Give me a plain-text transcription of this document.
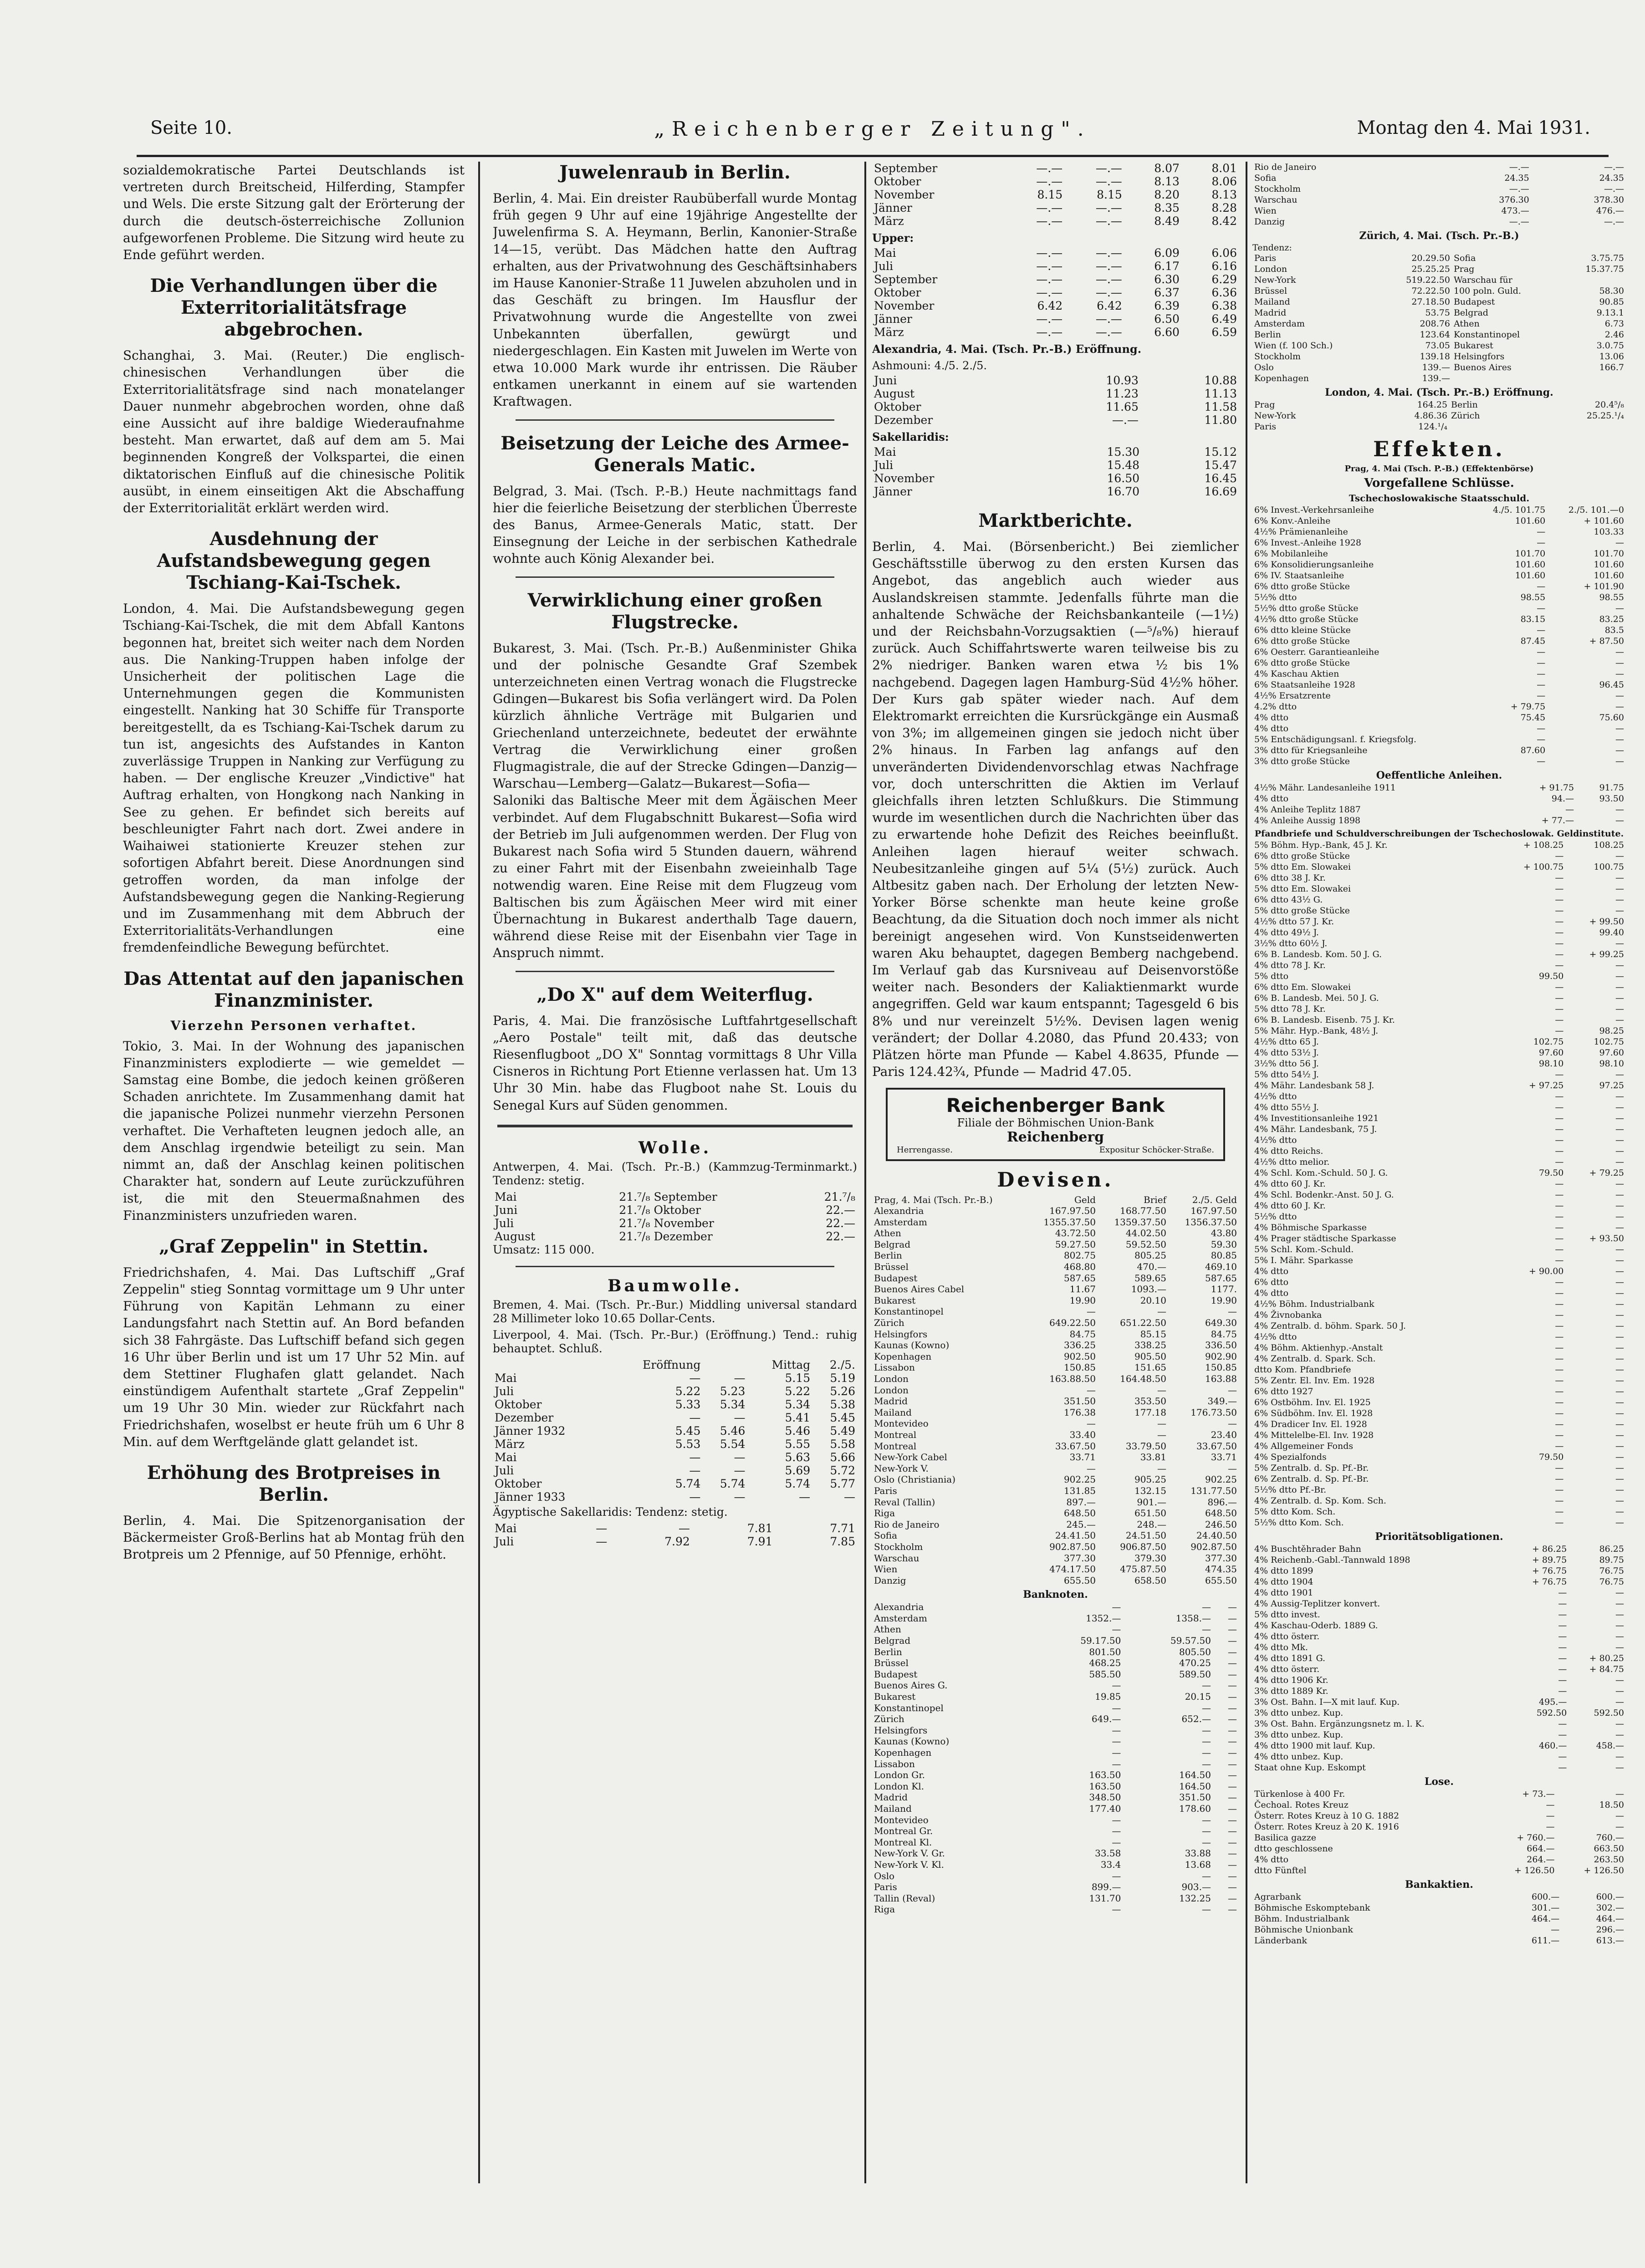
Seite 10.	„Reichenberger Zeitung".	Montag den 4. Mai 1931.

sozialdemokratische Partei Deutschlands ist vertreten durch Breitscheid, Hilferding, Stampfer und Wels. Die erste Sitzung galt der Erörterung der durch die deutsch-österreichische Zollunion aufgeworfenen Probleme. Die Sitzung wird heute zu Ende geführt werden.

Die Verhandlungen über die Exterritorialitätsfrage abgebrochen.

Schanghai, 3. Mai. (Reuter.) Die englisch-chinesischen Verhandlungen über die Exterritorialitätsfrage sind nach monatelanger Dauer nunmehr abgebrochen worden, ohne daß eine Aussicht auf ihre baldige Wiederaufnahme besteht. Man erwartet, daß auf dem am 5. Mai beginnenden Kongreß der Volkspartei, die einen diktatorischen Einfluß auf die chinesische Politik ausübt, in einem einseitigen Akt die Abschaffung der Exterritorialität erklärt werden wird.

Ausdehnung der Aufstandsbewegung gegen Tschiang-Kai-Tschek.

London, 4. Mai. Die Aufstandsbewegung gegen Tschiang-Kai-Tschek, die mit dem Abfall Kantons begonnen hat, breitet sich weiter nach dem Norden aus. Die Nanking-Truppen haben infolge der Unsicherheit der politischen Lage die Unternehmungen gegen die Kommunisten eingestellt. Nanking hat 30 Schiffe für Transporte bereitgestellt, da es Tschiang-Kai-Tschek darum zu tun ist, angesichts des Aufstandes in Kanton zuverlässige Truppen in Nanking zur Verfügung zu haben. — Der englische Kreuzer „Vindictive" hat Auftrag erhalten, von Hongkong nach Nanking in See zu gehen. Er befindet sich bereits auf beschleunigter Fahrt nach dort. Zwei andere in Waihaiwei stationierte Kreuzer stehen zur sofortigen Abfahrt bereit. Diese Anordnungen sind getroffen worden, da man infolge der Aufstandsbewegung gegen die Nanking-Regierung und im Zusammenhang mit dem Abbruch der Exterritorialitäts-Verhandlungen eine fremdenfeindliche Bewegung befürchtet.

Das Attentat auf den japanischen Finanzminister.
Vierzehn Personen verhaftet.

Tokio, 3. Mai. In der Wohnung des japanischen Finanzministers explodierte — wie gemeldet — Samstag eine Bombe, die jedoch keinen größeren Schaden anrichtete. Im Zusammenhang damit hat die japanische Polizei nunmehr vierzehn Personen verhaftet. Die Verhafteten leugnen jedoch alle, an dem Anschlag irgendwie beteiligt zu sein. Man nimmt an, daß der Anschlag keinen politischen Charakter hat, sondern auf Leute zurückzuführen ist, die mit den Steuermaßnahmen des Finanzministers unzufrieden waren.

„Graf Zeppelin" in Stettin.

Friedrichshafen, 4. Mai. Das Luftschiff „Graf Zeppelin" stieg Sonntag vormittage um 9 Uhr unter Führung von Kapitän Lehmann zu einer Landungsfahrt nach Stettin auf. An Bord befanden sich 38 Fahrgäste. Das Luftschiff befand sich gegen 16 Uhr über Berlin und ist um 17 Uhr 52 Min. auf dem Stettiner Flughafen glatt gelandet. Nach einstündigem Aufenthalt startete „Graf Zeppelin" um 19 Uhr 30 Min. wieder zur Rückfahrt nach Friedrichshafen, woselbst er heute früh um 6 Uhr 8 Min. auf dem Werftgelände glatt gelandet ist.

Erhöhung des Brotpreises in Berlin.

Berlin, 4. Mai. Die Spitzenorganisation der Bäckermeister Groß-Berlins hat ab Montag früh den Brotpreis um 2 Pfennige, auf 50 Pfennige, erhöht.

Juwelenraub in Berlin.

Berlin, 4. Mai. Ein dreister Raubüberfall wurde Montag früh gegen 9 Uhr auf eine 19jährige Angestellte der Juwelenfirma S. A. Heymann, Berlin, Kanonier-Straße 14—15, verübt. Das Mädchen hatte den Auftrag erhalten, aus der Privatwohnung des Geschäftsinhabers im Hause Kanonier-Straße 11 Juwelen abzuholen und in das Geschäft zu bringen. Im Hausflur der Privatwohnung wurde die Angestellte von zwei Unbekannten überfallen, gewürgt und niedergeschlagen. Ein Kasten mit Juwelen im Werte von etwa 10.000 Mark wurde ihr entrissen. Die Räuber entkamen unerkannt in einem auf sie wartenden Kraftwagen.

Beisetzung der Leiche des Armee-Generals Matic.

Belgrad, 3. Mai. (Tsch. P.-B.) Heute nachmittags fand hier die feierliche Beisetzung der sterblichen Überreste des Banus, Armee-Generals Matic, statt. Der Einsegnung der Leiche in der serbischen Kathedrale wohnte auch König Alexander bei.

Verwirklichung einer großen Flugstrecke.

Bukarest, 3. Mai. (Tsch. Pr.-B.) Außenminister Ghika und der polnische Gesandte Graf Szembek unterzeichneten einen Vertrag wonach die Flugstrecke Gdingen—Bukarest bis Sofia verlängert wird. Da Polen kürzlich ähnliche Verträge mit Bulgarien und Griechenland unterzeichnete, bedeutet der erwähnte Vertrag die Verwirklichung einer großen Flugmagistrale, die auf der Strecke Gdingen—Danzig—Warschau—Lemberg—Galatz—Bukarest—Sofia—Saloniki das Baltische Meer mit dem Ägäischen Meer verbindet. Auf dem Flugabschnitt Bukarest—Sofia wird der Betrieb im Juli aufgenommen werden. Der Flug von Bukarest nach Sofia wird 5 Stunden dauern, während zu einer Fahrt mit der Eisenbahn zweieinhalb Tage notwendig waren. Eine Reise mit dem Flugzeug vom Baltischen bis zum Ägäischen Meer wird mit einer Übernachtung in Bukarest anderthalb Tage dauern, während diese Reise mit der Eisenbahn vier Tage in Anspruch nimmt.

„Do X" auf dem Weiterflug.

Paris, 4. Mai. Die französische Luftfahrtgesellschaft „Aero Postale" teilt mit, daß das deutsche Riesenflugboot „DO X" Sonntag vormittags 8 Uhr Villa Cisneros in Richtung Port Etienne verlassen hat. Um 13 Uhr 30 Min. habe das Flugboot nahe St. Louis du Senegal Kurs auf Süden genommen.

Wolle.

Antwerpen, 4. Mai. (Tsch. Pr.-B.) (Kammzug-Terminmarkt.) Tendenz: stetig.

Mai	21.⁷/₈	September	21.⁷/₈
Juni	21.⁷/₈	Oktober	22.—
Juli	21.⁷/₈	November	22.—
August	21.⁷/₈	Dezember	22.—

Umsatz: 115 000.

Baumwolle.

Bremen, 4. Mai. (Tsch. Pr.-Bur.) Middling universal standard 28 Millimeter loko 10.65 Dollar-Cents.

Liverpool, 4. Mai. (Tsch. Pr.-Bur.) (Eröffnung.) Tend.: ruhig behauptet. Schluß.

	Eröffnung		Mittag	2./5.
Mai	—	—	5.15	5.19
Juli	5.22	5.23	5.22	5.26
Oktober	5.33	5.34	5.34	5.38
Dezember	—	—	5.41	5.45
Jänner 1932	5.45	5.46	5.46	5.49
März	5.53	5.54	5.55	5.58
Mai	—	—	5.63	5.66
Juli	—	—	5.69	5.72
Oktober	5.74	5.74	5.74	5.77
Jänner 1933	—	—	—	—

Ägyptische Sakellaridis: Tendenz: stetig.

Mai	—	—	7.81	7.71
Juli	—	7.92	7.91	7.85
September	—.—	—.—	8.07	8.01
Oktober	—.—	—.—	8.13	8.06
November	8.15	8.15	8.20	8.13
Jänner	—.—	—.—	8.35	8.28
März	—.—	—.—	8.49	8.42
Upper:
Mai	—.—	—.—	6.09	6.06
Juli	—.—	—.—	6.17	6.16
September	—.—	—.—	6.30	6.29
Oktober	—.—	—.—	6.37	6.36
November	6.42	6.42	6.39	6.38
Jänner	—.—	—.—	6.50	6.49
März	—.—	—.—	6.60	6.59
Alexandria, 4. Mai. (Tsch. Pr.-B.) Eröffnung.
Ashmouni: 4./5. 2./5.
Juni	10.93	10.88
August	11.23	11.13
Oktober	11.65	11.58
Dezember	—.—	11.80
Sakellaridis:
Mai	15.30	15.12
Juli	15.48	15.47
November	16.50	16.45
Jänner	16.70	16.69
Marktberichte.

Berlin, 4. Mai. (Börsenbericht.) Bei ziemlicher Geschäftsstille überwog zu den ersten Kursen das Angebot, das angeblich auch wieder aus Auslandskreisen stammte. Jedenfalls führte man die anhaltende Schwäche der Reichsbankanteile (—1½) und der Reichsbahn-Vorzugsaktien (—⁵/₈%) hierauf zurück. Auch Schiffahrtswerte waren teilweise bis zu 2% niedriger. Banken waren etwa ½ bis 1% nachgebend. Dagegen lagen Hamburg-Süd 4½% höher. Der Kurs gab später wieder nach. Auf dem Elektromarkt erreichten die Kursrückgänge ein Ausmaß von 3%; im allgemeinen gingen sie jedoch nicht über 2% hinaus. In Farben lag anfangs auf den unveränderten Dividendenvorschlag etwas Nachfrage vor, doch unterschritten die Aktien im Verlauf gleichfalls ihren letzten Schlußkurs. Die Stimmung wurde im wesentlichen durch die Nachrichten über das zu erwartende hohe Defizit des Reiches beeinflußt. Anleihen lagen hierauf weiter schwach. Neubesitzanleihe gingen auf 5¼ (5½) zurück. Auch Altbesitz gaben nach. Der Erholung der letzten New-Yorker Börse schenkte man heute keine große Beachtung, da die Situation doch noch immer als nicht bereinigt angesehen wird. Von Kunstseidenwerten waren Aku behauptet, dagegen Bemberg nachgebend. Im Verlauf gab das Kursniveau auf Deisenvorstöße weiter nach. Besonders der Kaliaktienmarkt wurde angegriffen. Geld war kaum entspannt; Tagesgeld 6 bis 8% und nur vereinzelt 5½%. Devisen lagen wenig verändert; der Dollar 4.2080, das Pfund 20.433; von Plätzen hörte man Pfunde — Kabel 4.8635, Pfunde — Paris 124.42¾, Pfunde — Madrid 47.05.

Reichenberger Bank
Filiale der Böhmischen Union-Bank
Reichenberg
Herrengasse.	Expositur Schöcker-Straße.
Devisen.
Prag, 4. Mai (Tsch. Pr.-B.)	Geld	Brief	2./5. Geld
Alexandria	167.97.50	168.77.50	167.97.50
Amsterdam	1355.37.50	1359.37.50	1356.37.50
Athen	43.72.50	44.02.50	43.80
Belgrad	59.27.50	59.52.50	59.30
Berlin	802.75	805.25	80.85
Brüssel	468.80	470.—	469.10
Budapest	587.65	589.65	587.65
Buenos Aires Cabel	11.67	1093.—	1177.
Bukarest	19.90	20.10	19.90
Konstantinopel	—	—	—
Zürich	649.22.50	651.22.50	649.30
Helsingfors	84.75	85.15	84.75
Kaunas (Kowno)	336.25	338.25	336.50
Kopenhagen	902.50	905.50	902.90
Lissabon	150.85	151.65	150.85
London	163.88.50	164.48.50	163.88
London	—	—	—
Madrid	351.50	353.50	349.—
Mailand	176.38	177.18	176.73.50
Montevideo	—	—	—
Montreal	33.40	—	23.40
Montreal	33.67.50	33.79.50	33.67.50
New-York Cabel	33.71	33.81	33.71
New-York V.	—	—	—
Oslo (Christiania)	902.25	905.25	902.25
Paris	131.85	132.15	131.77.50
Reval (Tallin)	897.—	901.—	896.—
Riga	648.50	651.50	648.50
Rio de Janeiro	245.—	248.—	246.50
Sofia	24.41.50	24.51.50	24.40.50
Stockholm	902.87.50	906.87.50	902.87.50
Warschau	377.30	379.30	377.30
Wien	474.17.50	475.87.50	474.35
Danzig	655.50	658.50	655.50
Banknoten.
Alexandria	—	—	—
Amsterdam	1352.—	1358.—	—
Athen	—	—	—
Belgrad	59.17.50	59.57.50	—
Berlin	801.50	805.50	—
Brüssel	468.25	470.25	—
Budapest	585.50	589.50	—
Buenos Aires G.	—	—	—
Bukarest	19.85	20.15	—
Konstantinopel	—	—	—
Zürich	649.—	652.—	—
Helsingfors	—	—	—
Kaunas (Kowno)	—	—	—
Kopenhagen	—	—	—
Lissabon	—	—	—
London Gr.	163.50	164.50	—
London Kl.	163.50	164.50	—
Madrid	348.50	351.50	—
Mailand	177.40	178.60	—
Montevideo	—	—	—
Montreal Gr.	—	—	—
Montreal Kl.	—	—	—
New-York V. Gr.	33.58	33.88	—
New-York V. Kl.	33.4	13.68	—
Oslo	—	—	—
Paris	899.—	903.—	—
Tallin (Reval)	131.70	132.25	—
Riga	—	—	—
Rio de Janeiro	—.—	—.—
Sofia	24.35	24.35
Stockholm	—.—	—.—
Warschau	376.30	378.30
Wien	473.—	476.—
Danzig	—.—	—.—
Zürich, 4. Mai. (Tsch. Pr.-B.)
Tendenz:
Paris	20.29.50	Sofia	3.75.75
London	25.25.25	Prag	15.37.75
New-York	519.22.50	Warschau für	
Brüssel	72.22.50	100 poln. Guld.	58.30
Mailand	27.18.50	Budapest	90.85
Madrid	53.75	Belgrad	9.13.1
Amsterdam	208.76	Athen	6.73
Berlin	123.64	Konstantinopel	2.46
Wien (f. 100 Sch.)	73.05	Bukarest	3.0.75
Stockholm	139.18	Helsingfors	13.06
Oslo	139.—	Buenos Aires	166.7
Kopenhagen	139.—		
London, 4. Mai. (Tsch. Pr.-B.) Eröffnung.
Prag	164.25	Berlin	20.4⁵/₈
New-York	4.86.36	Zürich	25.25.¹/₄
Paris	124.¹/₄		
Effekten.
Prag, 4. Mai (Tsch. P.-B.) (Effektenbörse)
Vorgefallene Schlüsse.
Tschechoslowakische Staatsschuld.
6% Invest.-Verkehrsanleihe	4./5. 101.75	2./5. 101.—0
6% Konv.-Anleihe	101.60	+ 101.60
4½% Prämienanleihe	—	103.33
6% Invest.-Anleihe 1928	—	—
6% Mobilanleihe	101.70	101.70
6% Konsolidierungsanleihe	101.60	101.60
6% IV. Staatsanleihe	101.60	101.60
6% dtto große Stücke	—	+ 101.90
5½% dtto	98.55	98.55
5½% dtto große Stücke	—	—
4½% dtto große Stücke	83.15	83.25
6% dtto kleine Stücke	—	83.5
6% dtto große Stücke	87.45	+ 87.50
6% Oesterr. Garantieanleihe	—	—
6% dtto große Stücke	—	—
4% Kaschau Aktien	—	—
6% Staatsanleihe 1928	—	96.45
4½% Ersatzrente	—	—
4.2% dtto	+ 79.75	—
4% dtto	75.45	75.60
4% dtto	—	—
5% Entschädigungsanl. f. Kriegsfolg.	—	—
3% dtto für Kriegsanleihe	87.60	—
3% dtto große Stücke	—	—
Oeffentliche Anleihen.
4½% Mähr. Landesanleihe 1911	+ 91.75	91.75
4% dtto	94.—	93.50
4% Anleihe Teplitz 1887	—	—
4% Anleihe Aussig 1898	+ 77.—	—
Pfandbriefe und Schuldverschreibungen der Tschechoslowak. Geldinstitute.
5% Böhm. Hyp.-Bank, 45 J. Kr.	+ 108.25	108.25
6% dtto große Stücke	—	—
5% dtto Em. Slowakei	+ 100.75	100.75
6% dtto 38 J. Kr.	—	—
5% dtto Em. Slowakei	—	—
6% dtto 43½ G.	—	—
5% dtto große Stücke	—	—
4½% dtto 57 J. Kr.	—	+ 99.50
4% dtto 49½ J.	—	99.40
3½% dtto 60½ J.	—	—
6% B. Landesb. Kom. 50 J. G.	—	+ 99.25
4% dtto 78 J. Kr.	—	—
5% dtto	99.50	—
6% dtto Em. Slowakei	—	—
6% B. Landesb. Mei. 50 J. G.	—	—
5% dtto 78 J. Kr.	—	—
6% B. Landesb. Eisenb. 75 J. Kr.	—	—
5% Mähr. Hyp.-Bank, 48½ J.	—	98.25
4½% dtto 65 J.	102.75	102.75
4% dtto 53½ J.	97.60	97.60
3½% dtto 56 J.	98.10	98.10
5% dtto 54½ J.	—	—
4% Mähr. Landesbank 58 J.	+ 97.25	97.25
4½% dtto	—	—
4% dtto 55½ J.	—	—
4% Investitionsanleihe 1921	—	—
4% Mähr. Landesbank, 75 J.	—	—
4½% dtto	—	—
4% dtto Reichs.	—	—
4½% dtto melior.	—	—
4% Schl. Kom.-Schuld. 50 J. G.	79.50	+ 79.25
4% dtto 60 J. Kr.	—	—
4% Schl. Bodenkr.-Anst. 50 J. G.	—	—
4% dtto 60 J. Kr.	—	—
5½% dtto	—	—
4% Böhmische Sparkasse	—	—
4% Prager städtische Sparkasse	—	+ 93.50
5% Schl. Kom.-Schuld.	—	—
5% I. Mähr. Sparkasse	—	—
4% dtto	+ 90.00	—
6% dtto	—	—
4% dtto	—	—
4½% Böhm. Industrialbank	—	—
4% Živnobanka	—	—
4% Zentralb. d. böhm. Spark. 50 J.	—	—
4½% dtto	—	—
4% Böhm. Aktienhyp.-Anstalt	—	—
4% Zentralb. d. Spark. Sch.	—	—
dtto Kom. Pfandbriefe	—	—
5% Zentr. El. Inv. Em. 1928	—	—
6% dtto 1927	—	—
6% Ostböhm. Inv. El. 1925	—	—
6% Südböhm. Inv. El. 1928	—	—
4% Dradicer Inv. El. 1928	—	—
4% Mittelelbe-El. Inv. 1928	—	—
4% Allgemeiner Fonds	—	—
4% Spezialfonds	79.50	—
5% Zentralb. d. Sp. Pf.-Br.	—	—
6% Zentralb. d. Sp. Pf.-Br.	—	—
5½% dtto Pf.-Br.	—	—
4% Zentralb. d. Sp. Kom. Sch.	—	—
5% dtto Kom. Sch.	—	—
5½% dtto Kom. Sch.	—	—
Prioritätsobligationen.
4% Buschtěhrader Bahn	+ 86.25	86.25
4% Reichenb.-Gabl.-Tannwald 1898	+ 89.75	89.75
4% dtto 1899	+ 76.75	76.75
4% dtto 1904	+ 76.75	76.75
4% dtto 1901	—	—
4% Aussig-Teplitzer konvert.	—	—
5% dtto invest.	—	—
4% Kaschau-Oderb. 1889 G.	—	—
4% dtto österr.	—	—
4% dtto Mk.	—	—
4% dtto 1891 G.	—	+ 80.25
4% dtto österr.	—	+ 84.75
4% dtto 1906 Kr.	—	—
3% dtto 1889 Kr.	—	—
3% Ost. Bahn. I—X mit lauf. Kup.	495.—	—
3% dtto unbez. Kup.	592.50	592.50
3% Ost. Bahn. Ergänzungsnetz m. l. K.	—	—
3% dtto unbez. Kup.	—	—
4% dtto 1900 mit lauf. Kup.	460.—	458.—
4% dtto unbez. Kup.	—	—
Staat ohne Kup. Eskompt	—	—
Lose.
Türkenlose à 400 Fr.	+ 73.—	—
Čechoal. Rotes Kreuz	—	18.50
Österr. Rotes Kreuz à 10 G. 1882	—	—
Österr. Rotes Kreuz à 20 K. 1916	—	—
Basilica gazze	+ 760.—	760.—
dtto geschlossene	664.—	663.50
4% dtto	264.—	263.50
dtto Fünftel	+ 126.50	+ 126.50
Bankaktien.
Agrarbank	600.—	600.—
Böhmische Eskomptebank	301.—	302.—
Böhm. Industrialbank	464.—	464.—
Böhmische Unionbank	—	296.—
Länderbank	611.—	613.—
